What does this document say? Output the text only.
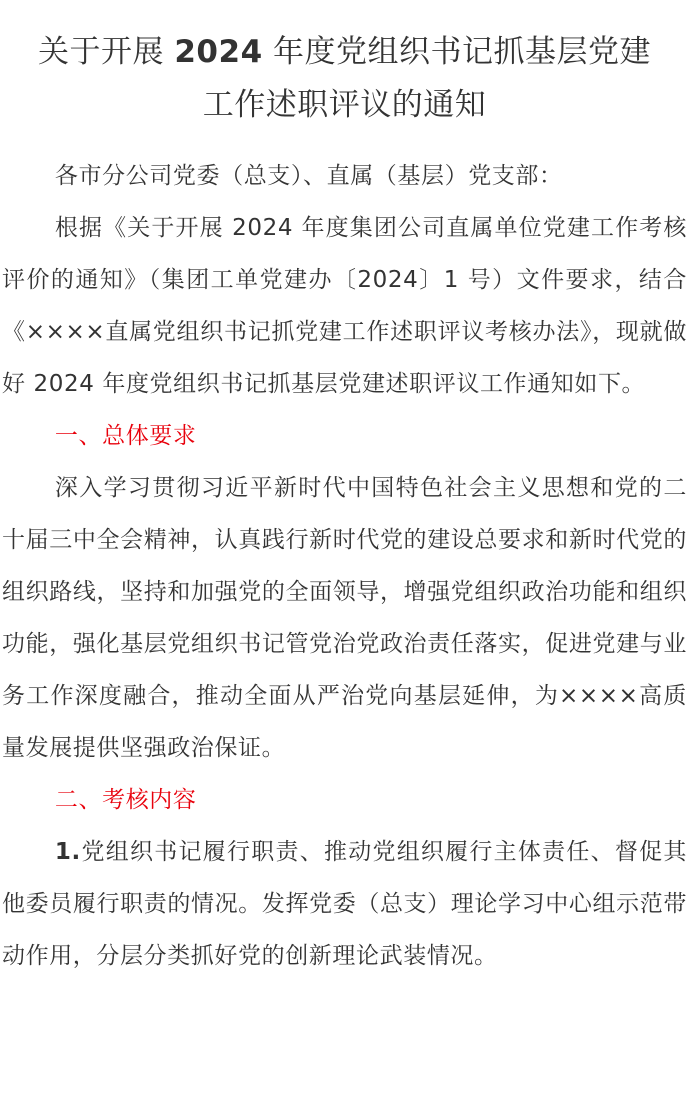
关于开展 2024 年度党组织书记抓基层党建
工作述职评议的通知

各市分公司党委（总支）、直属（基层）党支部：

根据《关于开展 2024 年度集团公司直属单位党建工作考核评价的通知》（集团工单党建办〔2024〕1 号）文件要求，结合《××××直属党组织书记抓党建工作述职评议考核办法》，现就做好 2024 年度党组织书记抓基层党建述职评议工作通知如下。

一、总体要求

深入学习贯彻习近平新时代中国特色社会主义思想和党的二十届三中全会精神，认真践行新时代党的建设总要求和新时代党的组织路线，坚持和加强党的全面领导，增强党组织政治功能和组织功能，强化基层党组织书记管党治党政治责任落实，促进党建与业务工作深度融合，推动全面从严治党向基层延伸，为××××高质量发展提供坚强政治保证。

二、考核内容

1.党组织书记履行职责、推动党组织履行主体责任、督促其他委员履行职责的情况。发挥党委（总支）理论学习中心组示范带动作用，分层分类抓好党的创新理论武装情况。
